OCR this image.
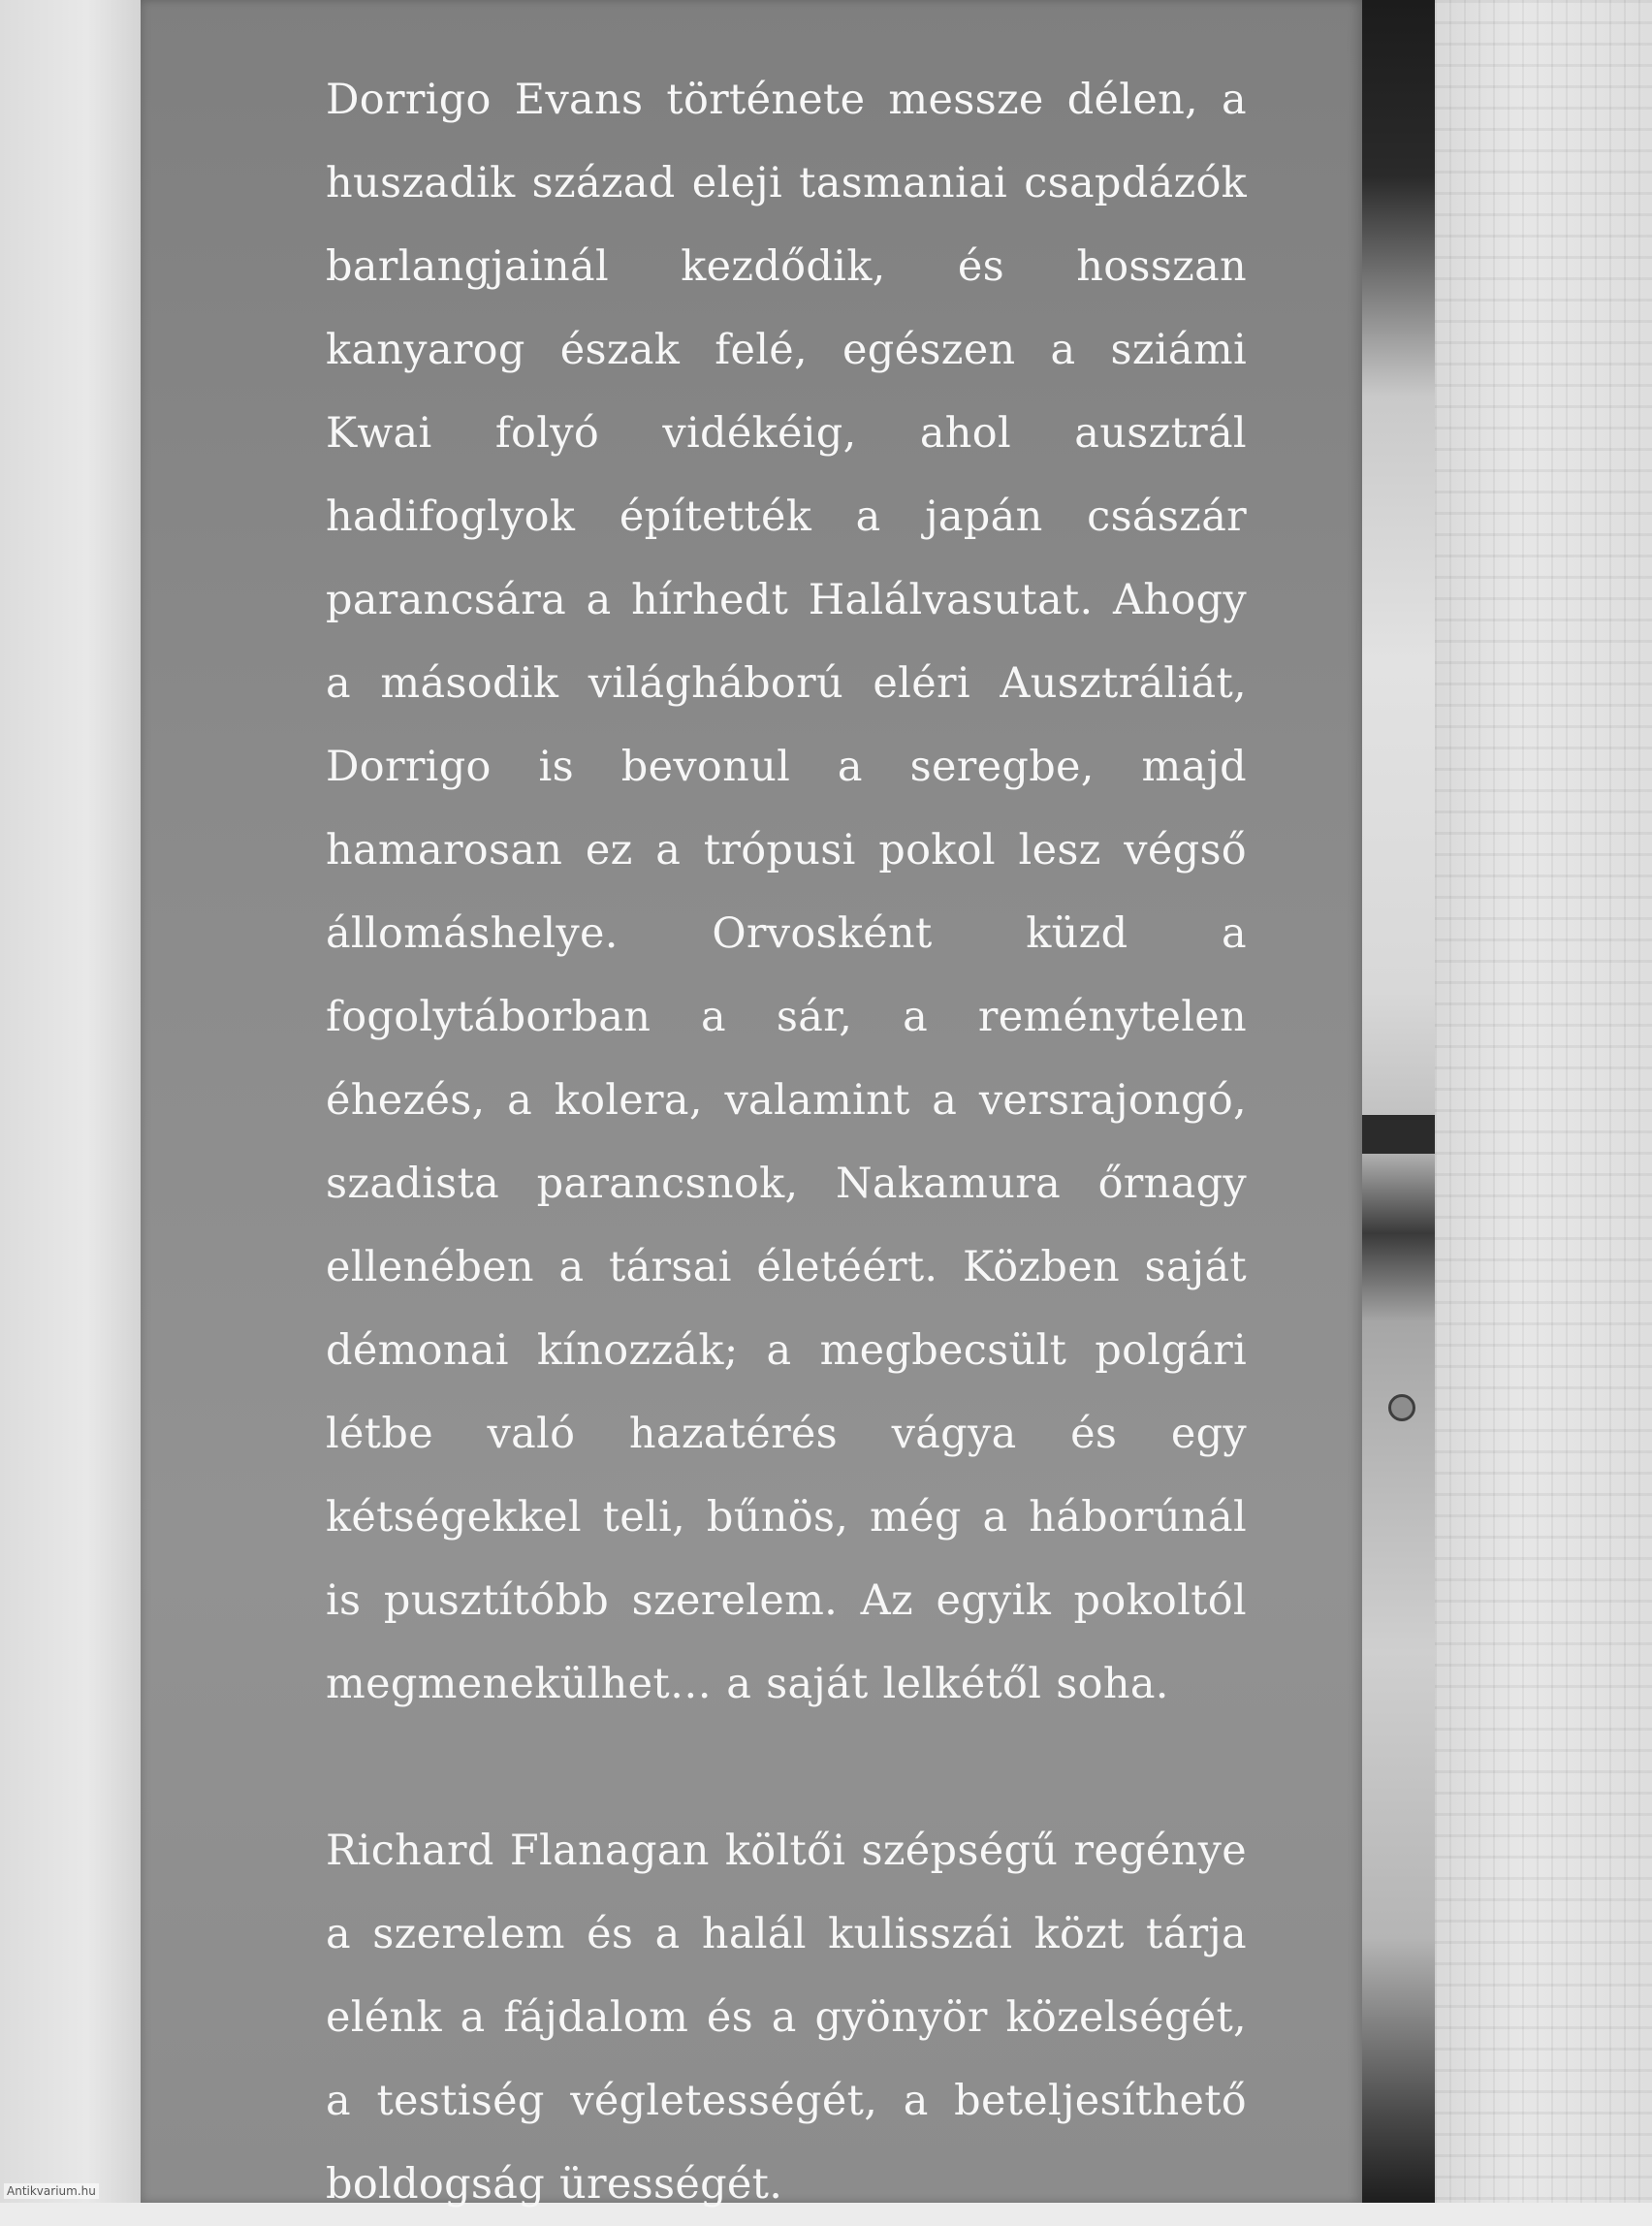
Dorrigo Evans története messze délen, a huszadik század eleji tasmaniai csapdázók barlangjainál kezdődik, és hosszan kanyarog észak felé, egészen a sziámi Kwai folyó vidékéig, ahol ausztrál hadifoglyok építették a japán császár parancsára a hírhedt Halálvasutat. Ahogy a második világháború eléri Ausztráliát, Dorrigo is bevonul a seregbe, majd hamarosan ez a trópusi pokol lesz végső állomáshelye. Orvosként küzd a fogolytáborban a sár, a reménytelen éhezés, a kolera, valamint a versrajongó, szadista parancsnok, Nakamura őrnagy ellenében a társai életéért. Közben saját démonai kínozzák; a megbecsült polgári létbe való hazatérés vágya és egy kétségekkel teli, bűnös, még a háborúnál is pusztítóbb szerelem. Az egyik pokoltól megmenekülhet… a saját lelkétől soha.

Richard Flanagan költői szépségű regénye a szerelem és a halál kulisszái közt tárja elénk a fájdalom és a gyönyör közelségét, a testiség végletességét, a beteljesíthető boldogság ürességét.

Antikvarium.hu
